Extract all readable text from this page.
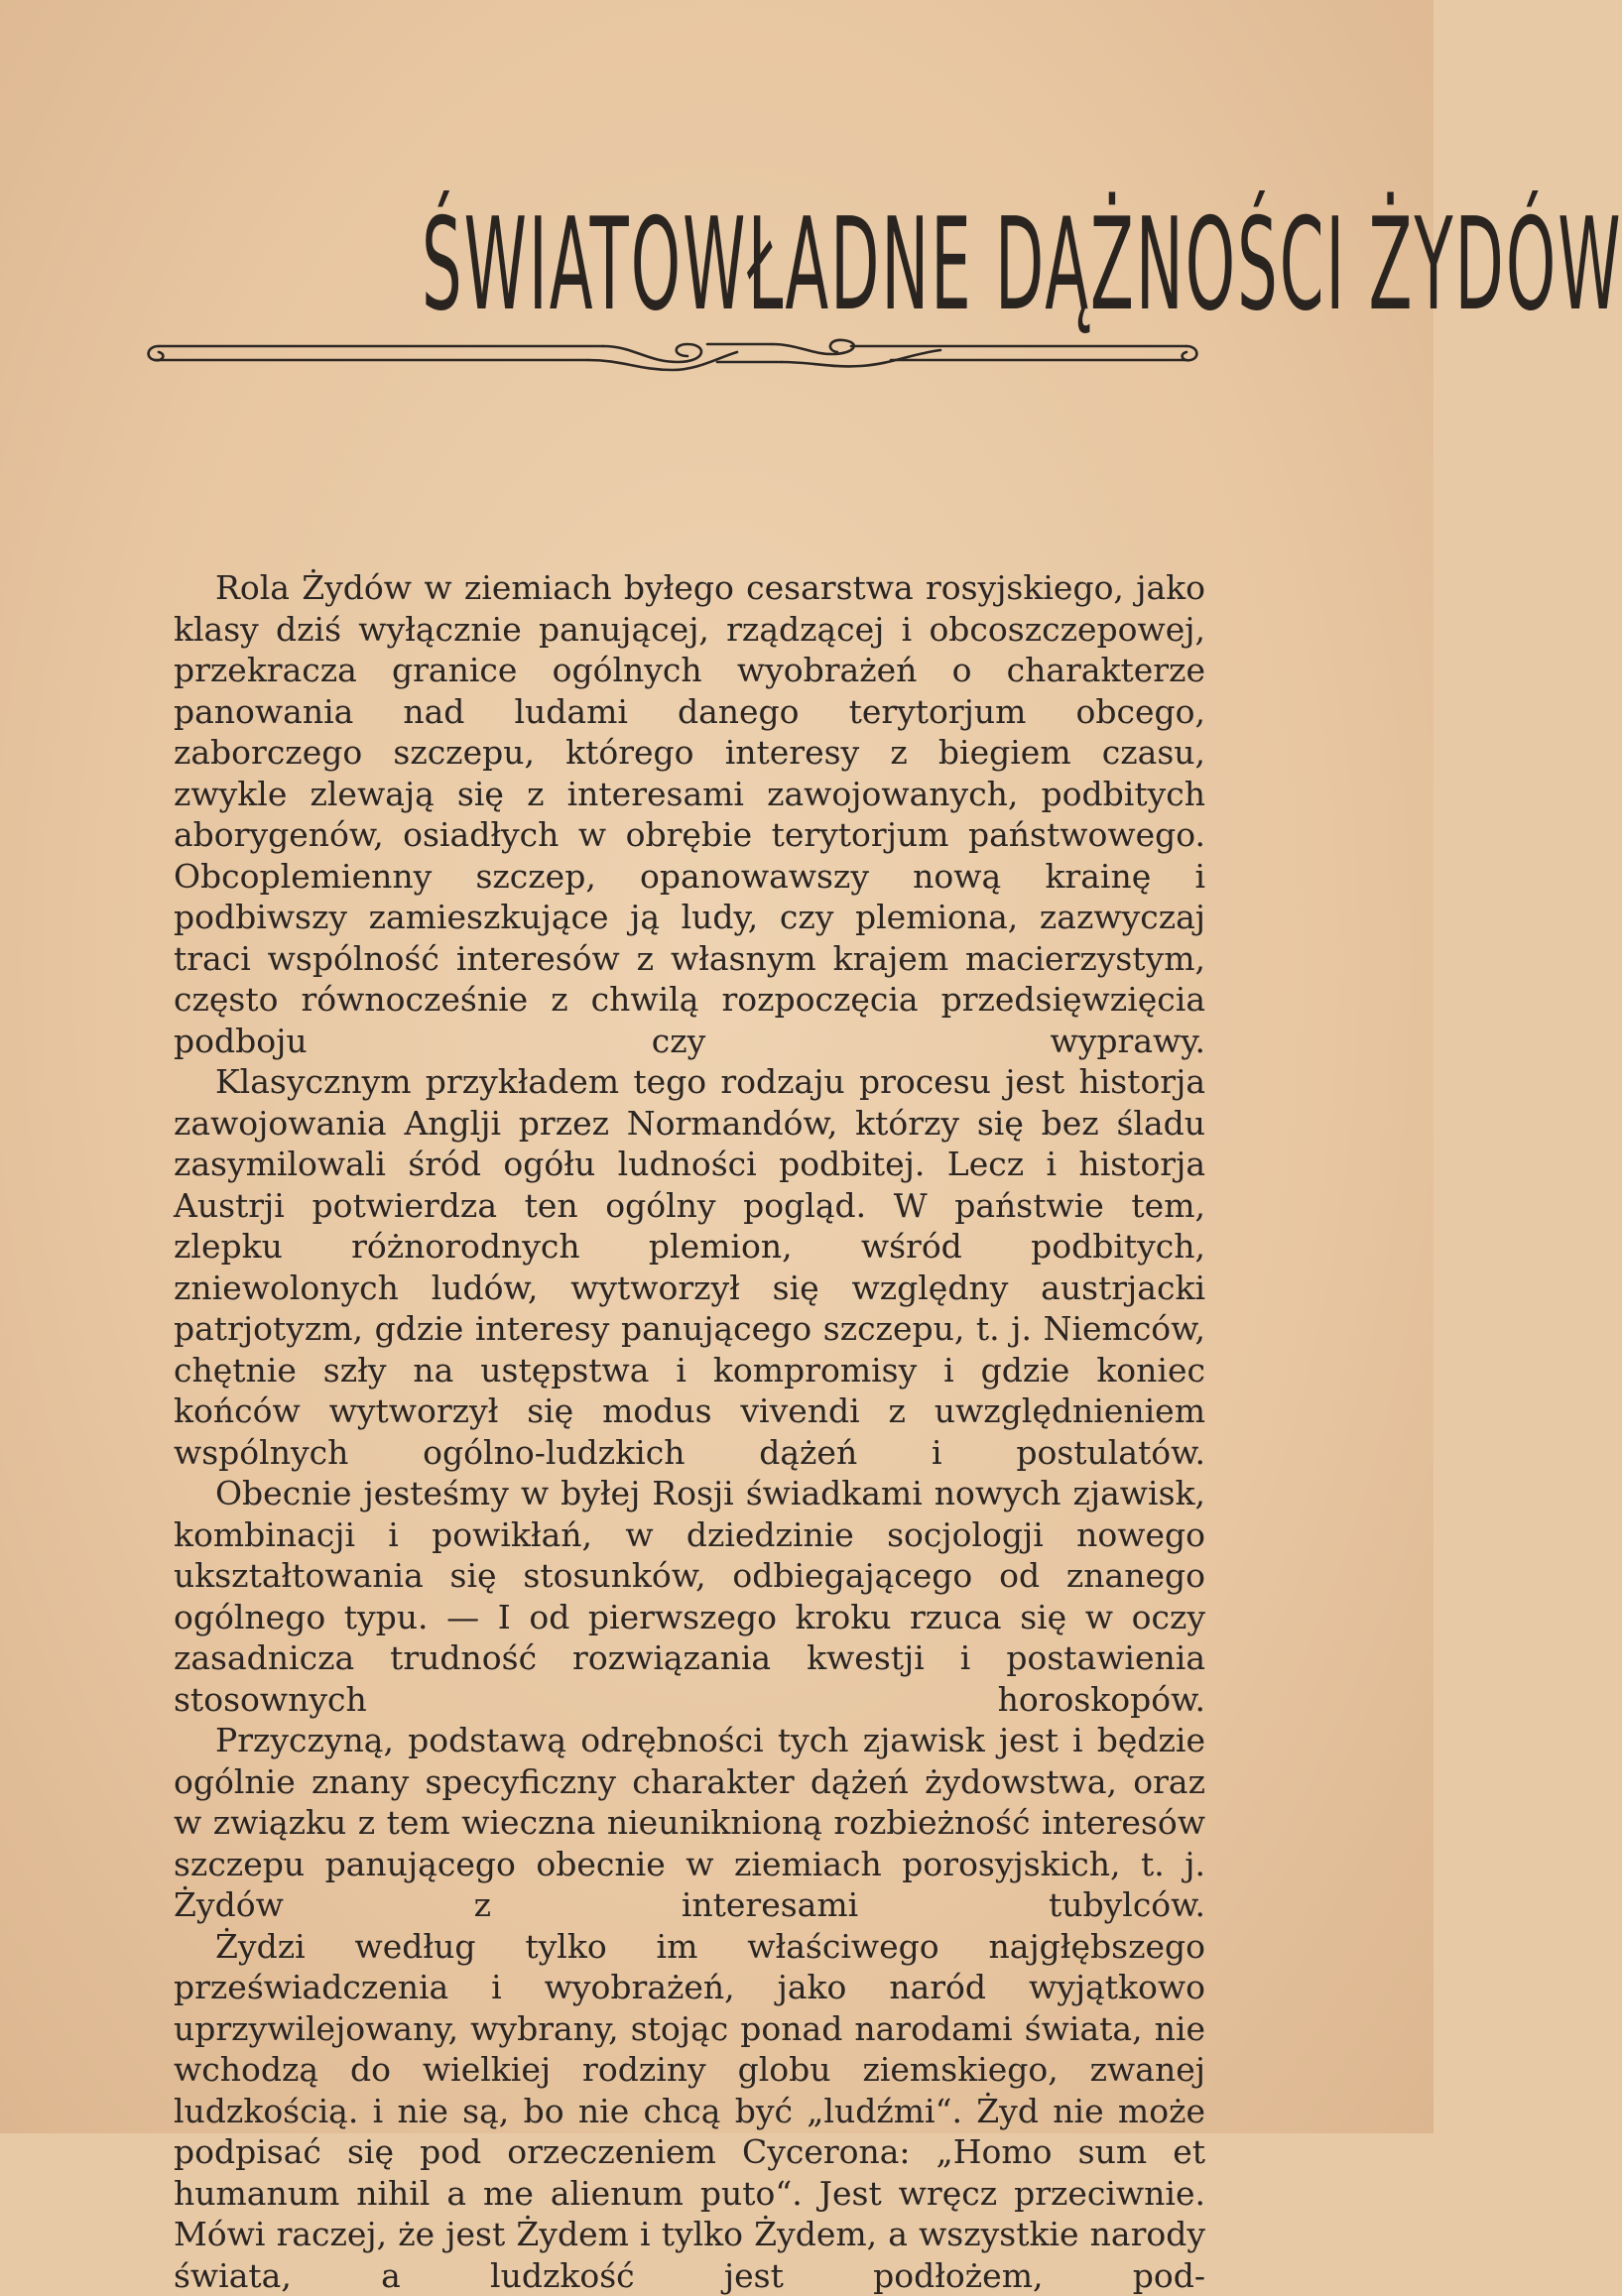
ŚWIATOWŁADNE DĄŻNOŚCI ŻYDÓW

Rola Żydów w ziemiach byłego cesarstwa rosyjskiego, jako klasy dziś wyłącznie panującej, rządzącej i obcoszczepowej, przekracza granice ogólnych wyobrażeń o charakterze panowania nad ludami danego terytorjum obcego, zaborczego szczepu, którego interesy z biegiem czasu, zwykle zlewają się z interesami zawojowanych, podbitych aborygenów, osiadłych w obrębie terytorjum państwowego. Obcoplemienny szczep, opanowawszy nową krainę i podbiwszy zamieszkujące ją ludy, czy plemiona, zazwyczaj traci wspólność interesów z własnym krajem macierzystym, często równocześnie z chwilą rozpoczęcia przedsięwzięcia podboju czy wyprawy.

Klasycznym przykładem tego rodzaju procesu jest historja zawojowania Anglji przez Normandów, którzy się bez śladu zasymilowali śród ogółu ludności podbitej. Lecz i historja Austrji potwierdza ten ogólny pogląd. W państwie tem, zlepku różnorodnych plemion, wśród podbitych, zniewolonych ludów, wytworzył się względny austrjacki patrjotyzm, gdzie interesy panującego szczepu, t. j. Niemców, chętnie szły na ustępstwa i kompromisy i gdzie koniec końców wytworzył się modus vivendi z uwzględnieniem wspólnych ogólno-ludzkich dążeń i postulatów.

Obecnie jesteśmy w byłej Rosji świadkami nowych zjawisk, kombinacji i powikłań, w dziedzinie socjologji nowego ukształtowania się stosunków, odbiegającego od znanego ogólnego typu. — I od pierwszego kroku rzuca się w oczy zasadnicza trudność rozwiązania kwestji i postawienia stosownych horoskopów.

Przyczyną, podstawą odrębności tych zjawisk jest i będzie ogólnie znany specyficzny charakter dążeń żydowstwa, oraz w związku z tem wieczna nieuniknioną rozbieżność interesów szczepu panującego obecnie w ziemiach porosyjskich, t. j. Żydów z interesami tubylców.

Żydzi według tylko im właściwego najgłębszego przeświadczenia i wyobrażeń, jako naród wyjątkowo uprzywilejowany, wybrany, stojąc ponad narodami świata, nie wchodzą do wielkiej rodziny globu ziemskiego, zwanej ludzkością. i nie są, bo nie chcą być „ludźmi“. Żyd nie może podpisać się pod orzeczeniem Cycerona: „Homo sum et humanum nihil a me alienum puto“. Jest wręcz przeciwnie. Mówi raczej, że jest Żydem i tylko Żydem, a wszystkie narody świata, a ludzkość jest podłożem, pod-
